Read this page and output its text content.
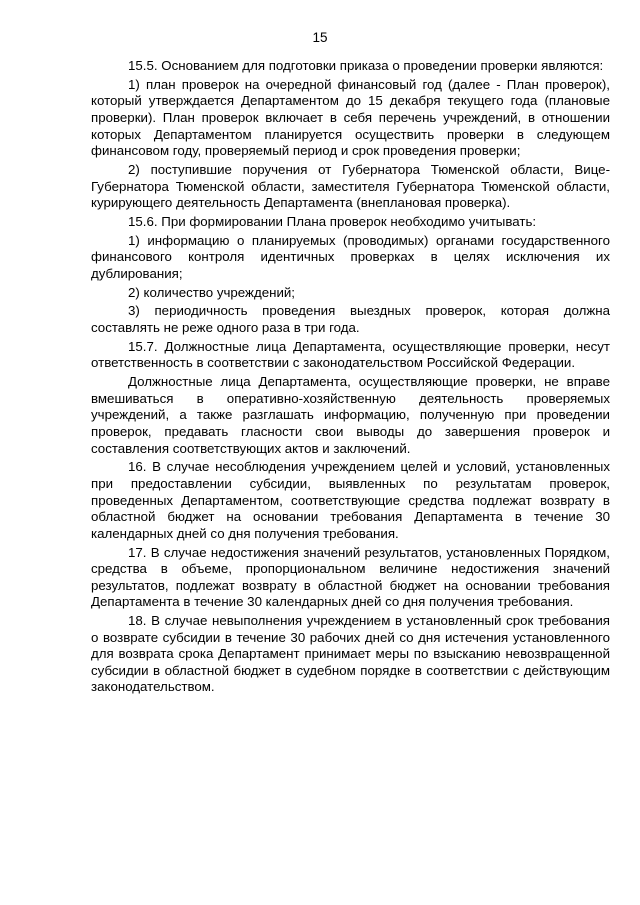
15

15.5. Основанием для подготовки приказа о проведении проверки являются:

1) план проверок на очередной финансовый год (далее - План проверок), который утверждается Департаментом до 15 декабря текущего года (плановые проверки). План проверок включает в себя перечень учреждений, в отношении которых Департаментом планируется осуществить проверки в следующем финансовом году, проверяемый период и срок проведения проверки;

2) поступившие поручения от Губернатора Тюменской области, Вице-Губернатора Тюменской области, заместителя Губернатора Тюменской области, курирующего деятельность Департамента (внеплановая проверка).

15.6. При формировании Плана проверок необходимо учитывать:

1) информацию о планируемых (проводимых) органами государственного финансового контроля идентичных проверках в целях исключения их дублирования;

2) количество учреждений;

3) периодичность проведения выездных проверок, которая должна составлять не реже одного раза в три года.

15.7. Должностные лица Департамента, осуществляющие проверки, несут ответственность в соответствии с законодательством Российской Федерации.

Должностные лица Департамента, осуществляющие проверки, не вправе вмешиваться в оперативно-хозяйственную деятельность проверяемых учреждений, а также разглашать информацию, полученную при проведении проверок, предавать гласности свои выводы до завершения проверок и составления соответствующих актов и заключений.

16. В случае несоблюдения учреждением целей и условий, установленных при предоставлении субсидии, выявленных по результатам проверок, проведенных Департаментом, соответствующие средства подлежат возврату в областной бюджет на основании требования Департамента в течение 30 календарных дней со дня получения требования.

17. В случае недостижения значений результатов, установленных Порядком, средства в объеме, пропорциональном величине недостижения значений результатов, подлежат возврату в областной бюджет на основании требования Департамента в течение 30 календарных дней со дня получения требования.

18. В случае невыполнения учреждением в установленный срок требования о возврате субсидии в течение 30 рабочих дней со дня истечения установленного для возврата срока Департамент принимает меры по взысканию невозвращенной субсидии в областной бюджет в судебном порядке в соответствии с действующим законодательством.
